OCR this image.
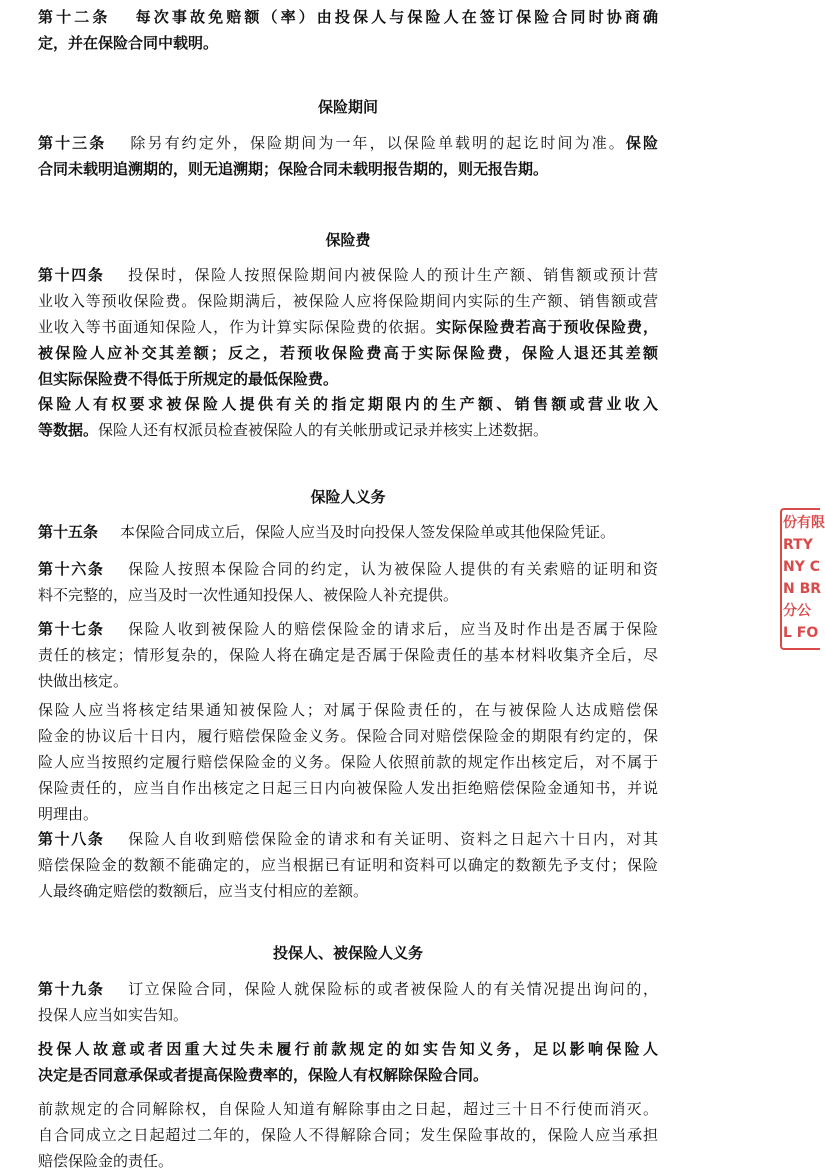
第十二条 每次事故免赔额（率）由投保人与保险人在签订保险合同时协商确
定，并在保险合同中载明。
保险期间
第十三条 除另有约定外，保险期间为一年，以保险单载明的起讫时间为准。保险
合同未载明追溯期的，则无追溯期；保险合同未载明报告期的，则无报告期。
保险费
第十四条 投保时，保险人按照保险期间内被保险人的预计生产额、销售额或预计营
业收入等预收保险费。保险期满后，被保险人应将保险期间内实际的生产额、销售额或营
业收入等书面通知保险人，作为计算实际保险费的依据。实际保险费若高于预收保险费，
被保险人应补交其差额；反之，若预收保险费高于实际保险费，保险人退还其差额
但实际保险费不得低于所规定的最低保险费。
保险人有权要求被保险人提供有关的指定期限内的生产额、销售额或营业收入
等数据。保险人还有权派员检查被保险人的有关帐册或记录并核实上述数据。
保险人义务
第十五条 本保险合同成立后，保险人应当及时向投保人签发保险单或其他保险凭证。
第十六条 保险人按照本保险合同的约定，认为被保险人提供的有关索赔的证明和资
料不完整的，应当及时一次性通知投保人、被保险人补充提供。
第十七条 保险人收到被保险人的赔偿保险金的请求后，应当及时作出是否属于保险
责任的核定；情形复杂的，保险人将在确定是否属于保险责任的基本材料收集齐全后，尽
快做出核定。
保险人应当将核定结果通知被保险人；对属于保险责任的，在与被保险人达成赔偿保
险金的协议后十日内，履行赔偿保险金义务。保险合同对赔偿保险金的期限有约定的，保
险人应当按照约定履行赔偿保险金的义务。保险人依照前款的规定作出核定后，对不属于
保险责任的，应当自作出核定之日起三日内向被保险人发出拒绝赔偿保险金通知书，并说
明理由。
第十八条 保险人自收到赔偿保险金的请求和有关证明、资料之日起六十日内，对其
赔偿保险金的数额不能确定的，应当根据已有证明和资料可以确定的数额先予支付；保险
人最终确定赔偿的数额后，应当支付相应的差额。
投保人、被保险人义务
第十九条 订立保险合同，保险人就保险标的或者被保险人的有关情况提出询问的，
投保人应当如实告知。
投保人故意或者因重大过失未履行前款规定的如实告知义务，足以影响保险人
决定是否同意承保或者提高保险费率的，保险人有权解除保险合同。
前款规定的合同解除权，自保险人知道有解除事由之日起，超过三十日不行使而消灭。
自合同成立之日起超过二年的，保险人不得解除合同；发生保险事故的，保险人应当承担
赔偿保险金的责任。
份有限
RTY
NY C
N BR
分公
L FO
